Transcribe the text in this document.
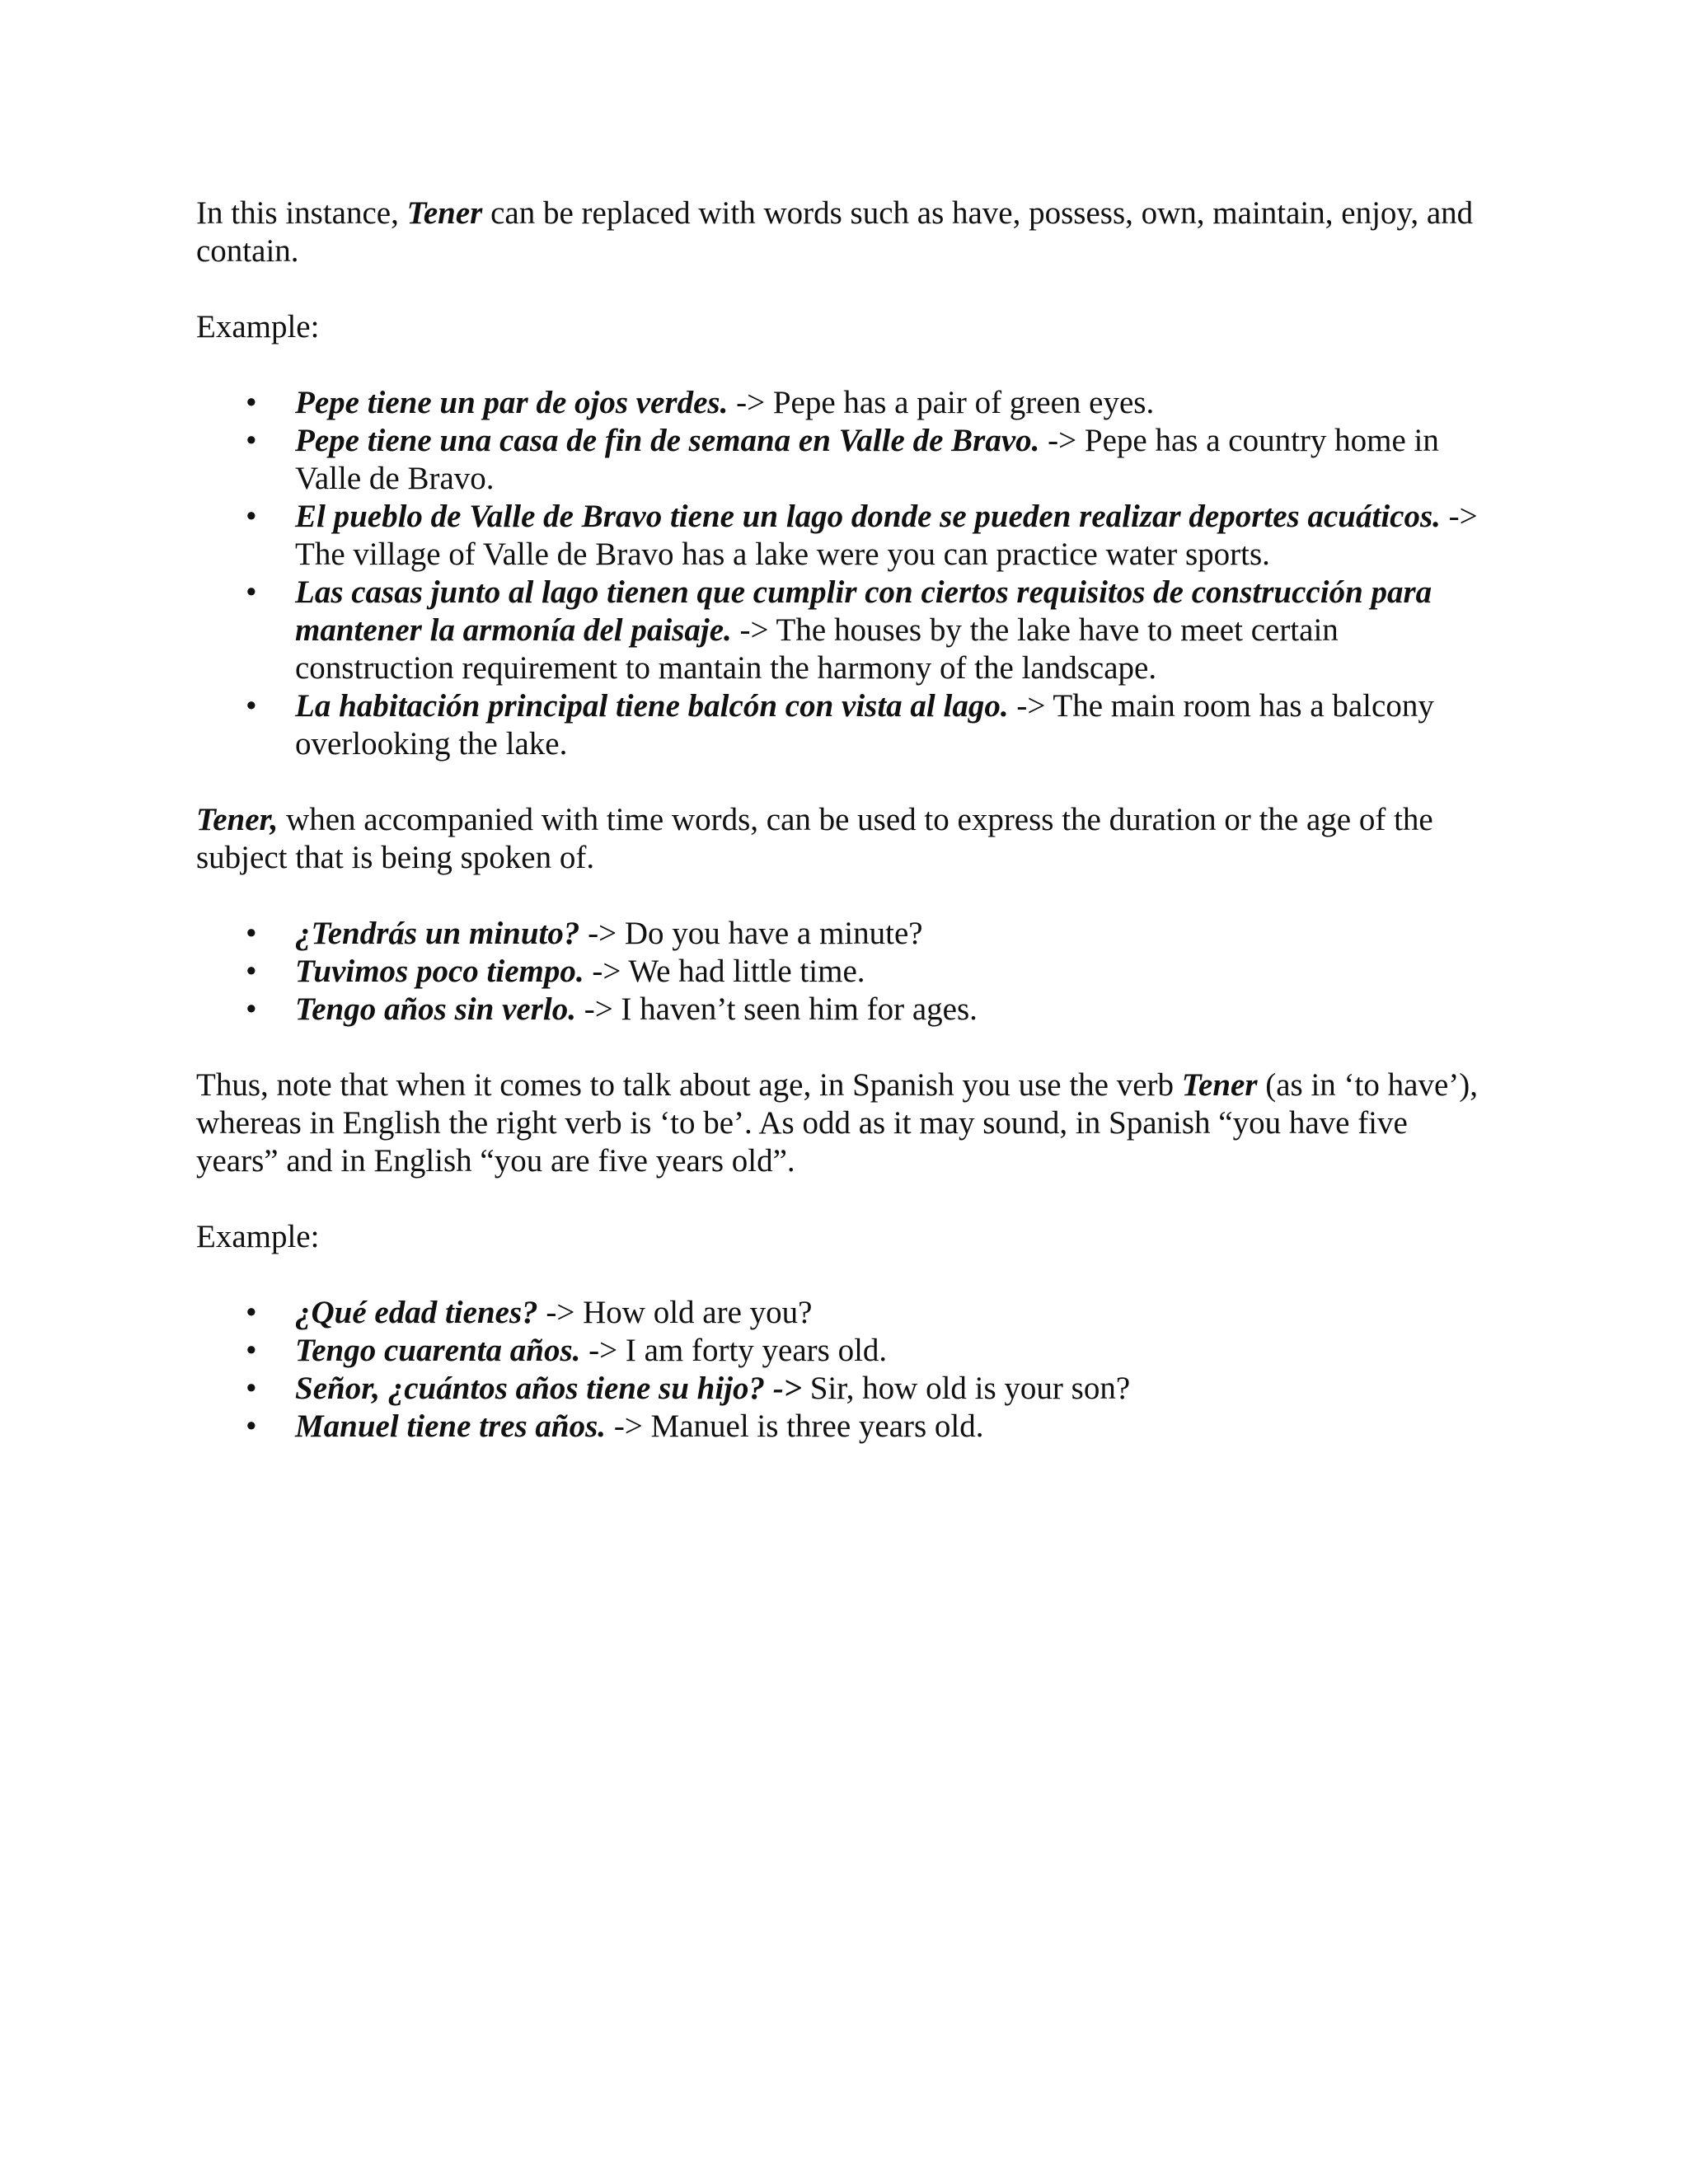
In this instance, Tener can be replaced with words such as have, possess, own, maintain, enjoy, and contain.

Example:

• Pepe tiene un par de ojos verdes. -> Pepe has a pair of green eyes.
• Pepe tiene una casa de fin de semana en Valle de Bravo. -> Pepe has a country home in Valle de Bravo.
• El pueblo de Valle de Bravo tiene un lago donde se pueden realizar deportes acuáticos. -> The village of Valle de Bravo has a lake were you can practice water sports.
• Las casas junto al lago tienen que cumplir con ciertos requisitos de construcción para mantener la armonía del paisaje. -> The houses by the lake have to meet certain construction requirement to mantain the harmony of the landscape.
• La habitación principal tiene balcón con vista al lago. -> The main room has a balcony overlooking the lake.

Tener, when accompanied with time words, can be used to express the duration or the age of the subject that is being spoken of.

• ¿Tendrás un minuto? -> Do you have a minute?
• Tuvimos poco tiempo. -> We had little time.
• Tengo años sin verlo. -> I haven’t seen him for ages.

Thus, note that when it comes to talk about age, in Spanish you use the verb Tener (as in ‘to have’), whereas in English the right verb is ‘to be’. As odd as it may sound, in Spanish “you have five years” and in English “you are five years old”.

Example:

• ¿Qué edad tienes? -> How old are you?
• Tengo cuarenta años. -> I am forty years old.
• Señor, ¿cuántos años tiene su hijo? -> Sir, how old is your son?
• Manuel tiene tres años. -> Manuel is three years old.
